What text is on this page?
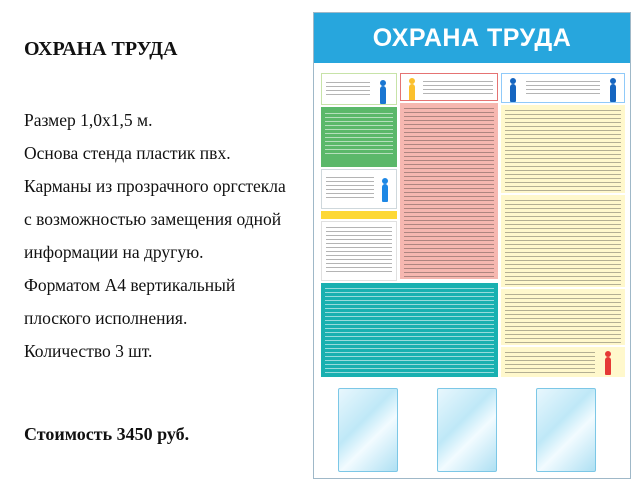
ОХРАНА ТРУДА
Размер 1,0х1,5 м.
Основа стенда пластик пвх.
Карманы из прозрачного оргстекла
с возможностью замещения одной
информации на другую.
Форматом А4 вертикальный
плоского исполнения.
Количество 3 шт.
Стоимость 3450 руб.
ОХРАНА ТРУДА
